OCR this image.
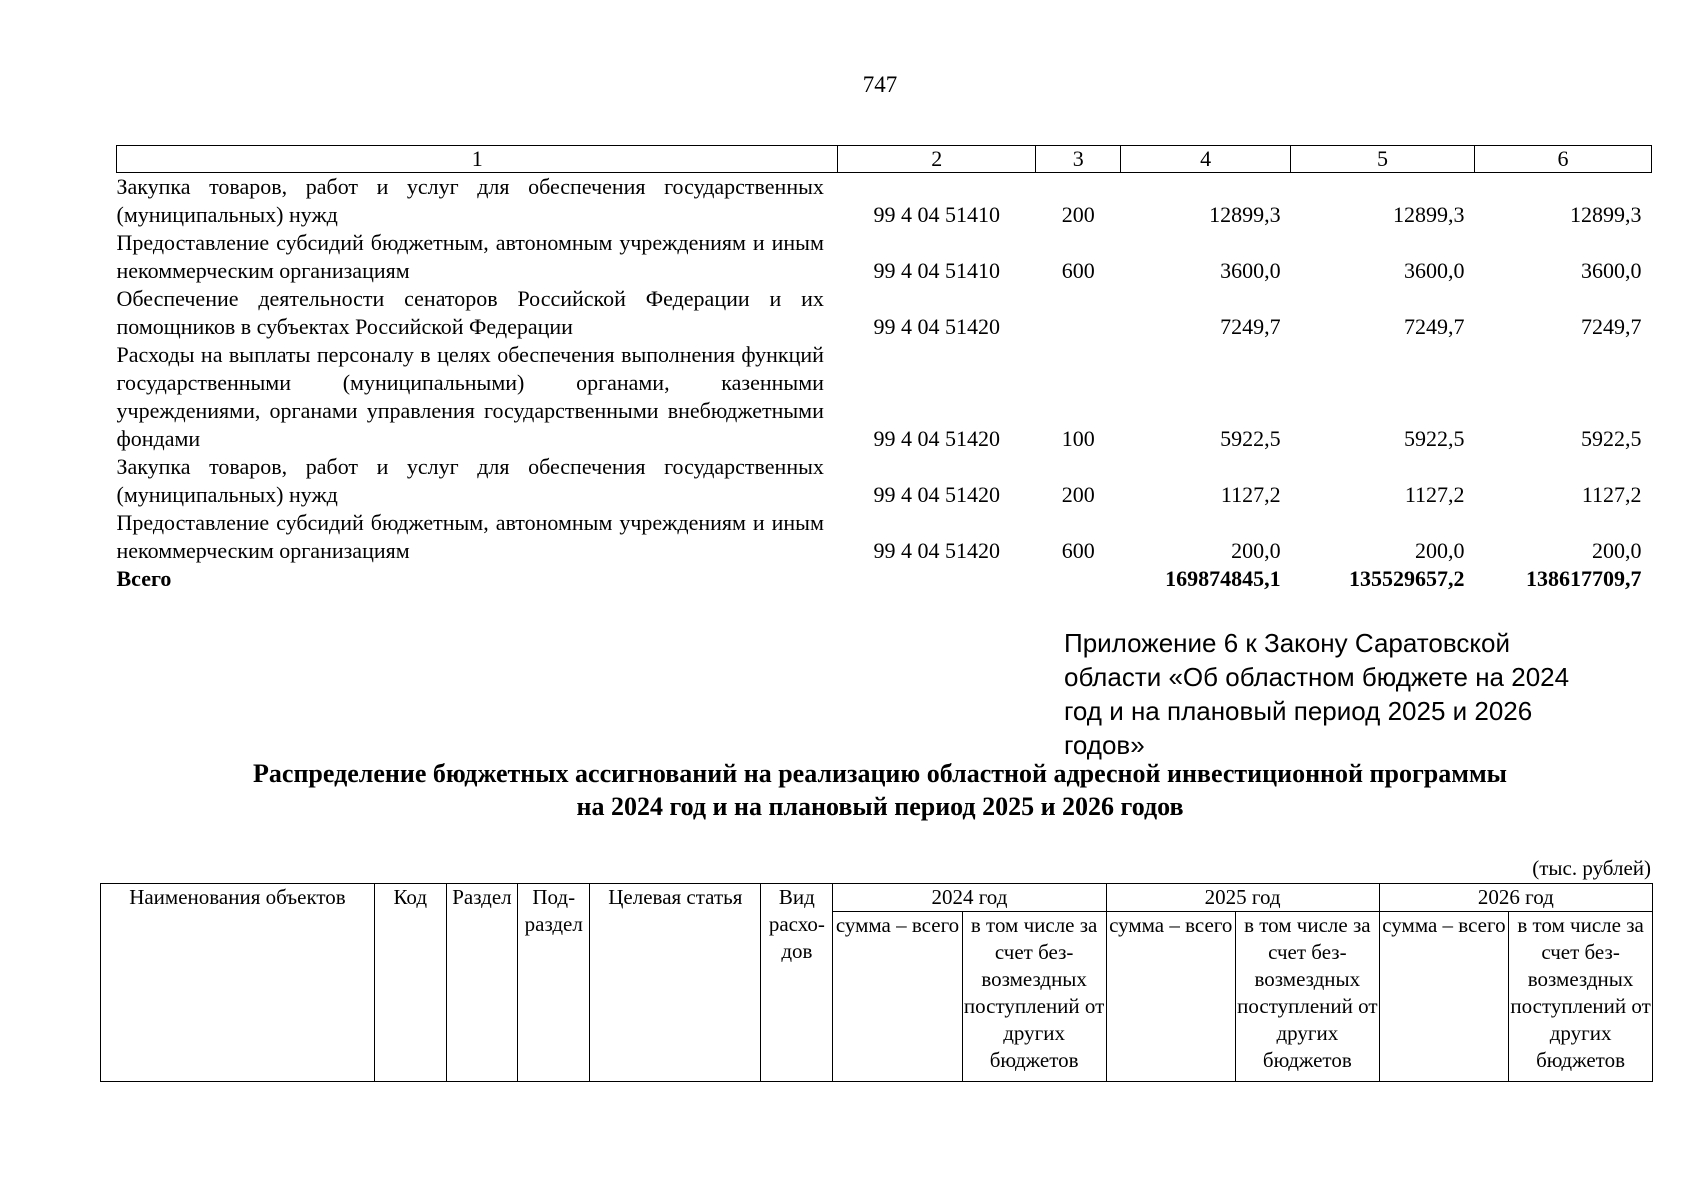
747
1	2	3	4	5	6
Закупка товаров, работ и услуг для обеспечения государственных (муниципальных) нужд	99 4 04 51410	200	12899,3	12899,3	12899,3
Предоставление субсидий бюджетным, автономным учреждениям и иным некоммерческим организациям	99 4 04 51410	600	3600,0	3600,0	3600,0
Обеспечение деятельности сенаторов Российской Федерации и их помощников в субъектах Российской Федерации	99 4 04 51420		7249,7	7249,7	7249,7
Расходы на выплаты персоналу в целях обеспечения выполнения функций государственными (муниципальными) органами, казенными учреждениями, органами управления государственными внебюджетными фондами	99 4 04 51420	100	5922,5	5922,5	5922,5
Закупка товаров, работ и услуг для обеспечения государственных (муниципальных) нужд	99 4 04 51420	200	1127,2	1127,2	1127,2
Предоставление субсидий бюджетным, автономным учреждениям и иным некоммерческим организациям	99 4 04 51420	600	200,0	200,0	200,0
Всего			169874845,1	135529657,2	138617709,7
Приложение 6 к Закону Саратовской области «Об областном бюджете на 2024 год и на плановый период 2025 и 2026 годов»
Распределение бюджетных ассигнований на реализацию областной адресной инвестиционной программы
на 2024 год и на плановый период 2025 и 2026 годов
(тыс. рублей)
Наименования объектов	Код	Раздел	Подраздел	Целевая статья	Вид расходов	2024 год		2025 год		2026 год	
						сумма – всего	в том числе за счет безвозмездных поступлений от других бюджетов	сумма – всего	в том числе за счет безвозмездных поступлений от других бюджетов	сумма – всего	в том числе за счет безвозмездных поступлений от других бюджетов
